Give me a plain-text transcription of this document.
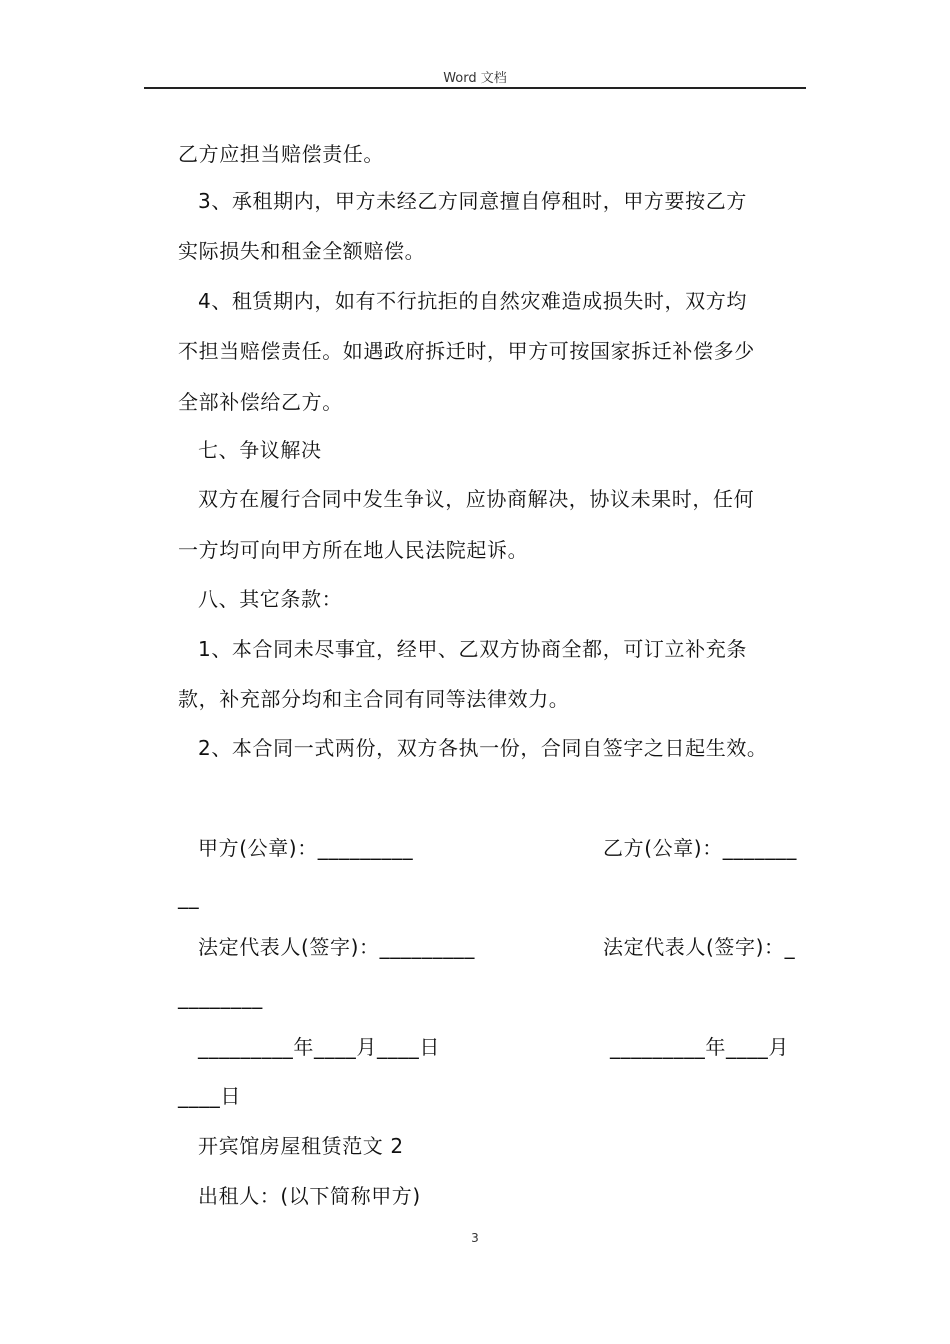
Word 文档
乙方应担当赔偿责任。
3、承租期内，甲方未经乙方同意擅自停租时，甲方要按乙方
实际损失和租金全额赔偿。
4、租赁期内，如有不行抗拒的自然灾难造成损失时，双方均
不担当赔偿责任。如遇政府拆迁时，甲方可按国家拆迁补偿多少
全部补偿给乙方。
七、争议解决
双方在履行合同中发生争议，应协商解决，协议未果时，任何
一方均可向甲方所在地人民法院起诉。
八、其它条款：
1、本合同未尽事宜，经甲、乙双方协商全都，可订立补充条
款，补充部分均和主合同有同等法律效力。
2、本合同一式两份，双方各执一份，合同自签字之日起生效。
甲方(公章)：_________	乙方(公章)：_______
__
法定代表人(签字)：_________	法定代表人(签字)：_
________
_________年____月____日	_________年____月
____日
开宾馆房屋租赁范文 2
出租人：(以下简称甲方)
3
